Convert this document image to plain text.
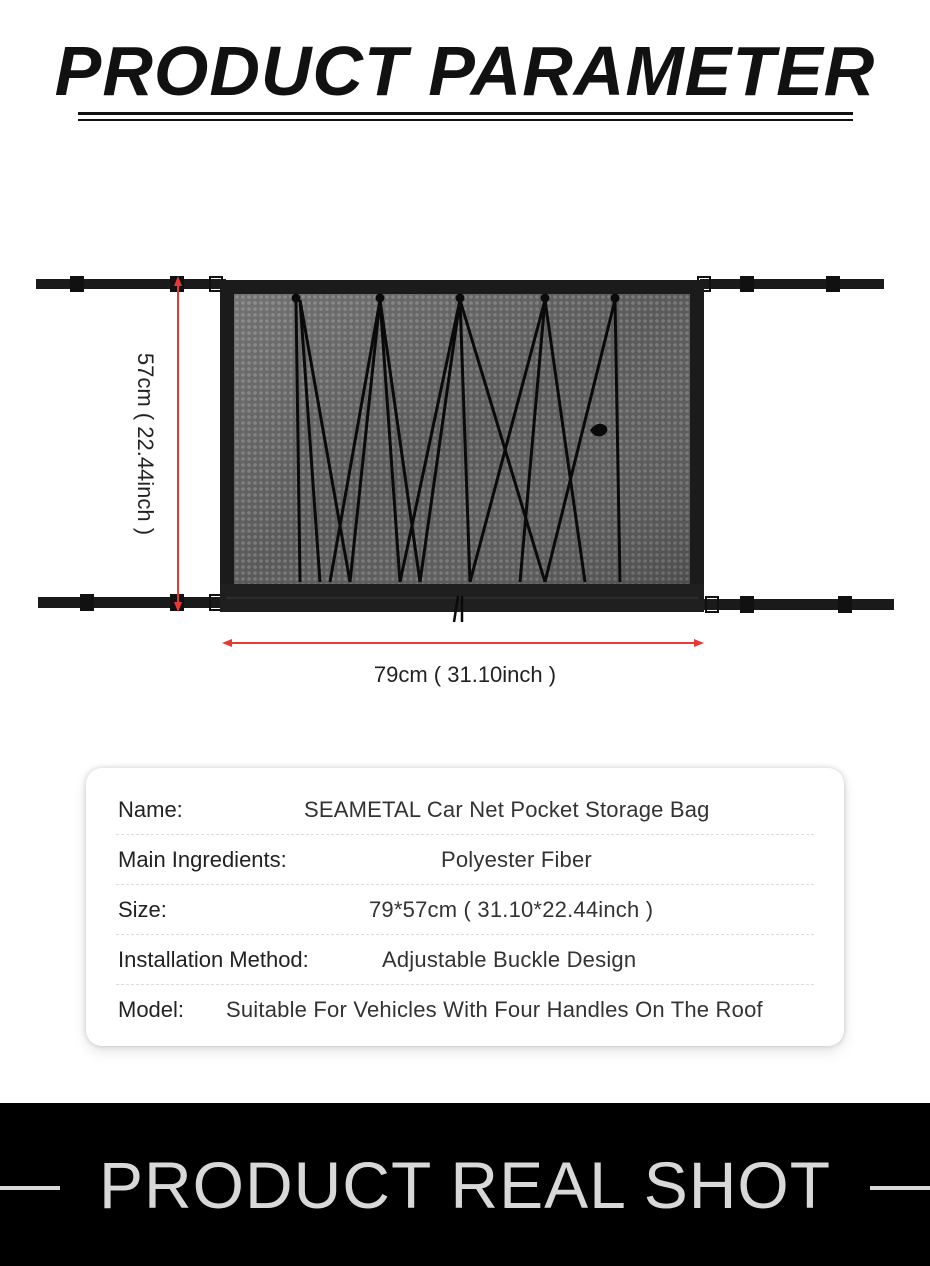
PRODUCT PARAMETER
79cm ( 31.10inch )
57cm ( 22.44inch )
Name:	SEAMETAL Car Net Pocket Storage Bag
Main Ingredients:	Polyester Fiber
Size:	79*57cm ( 31.10*22.44inch )
Installation Method:	Adjustable Buckle Design
Model: Suitable For Vehicles With Four Handles On The Roof
PRODUCT REAL SHOT
